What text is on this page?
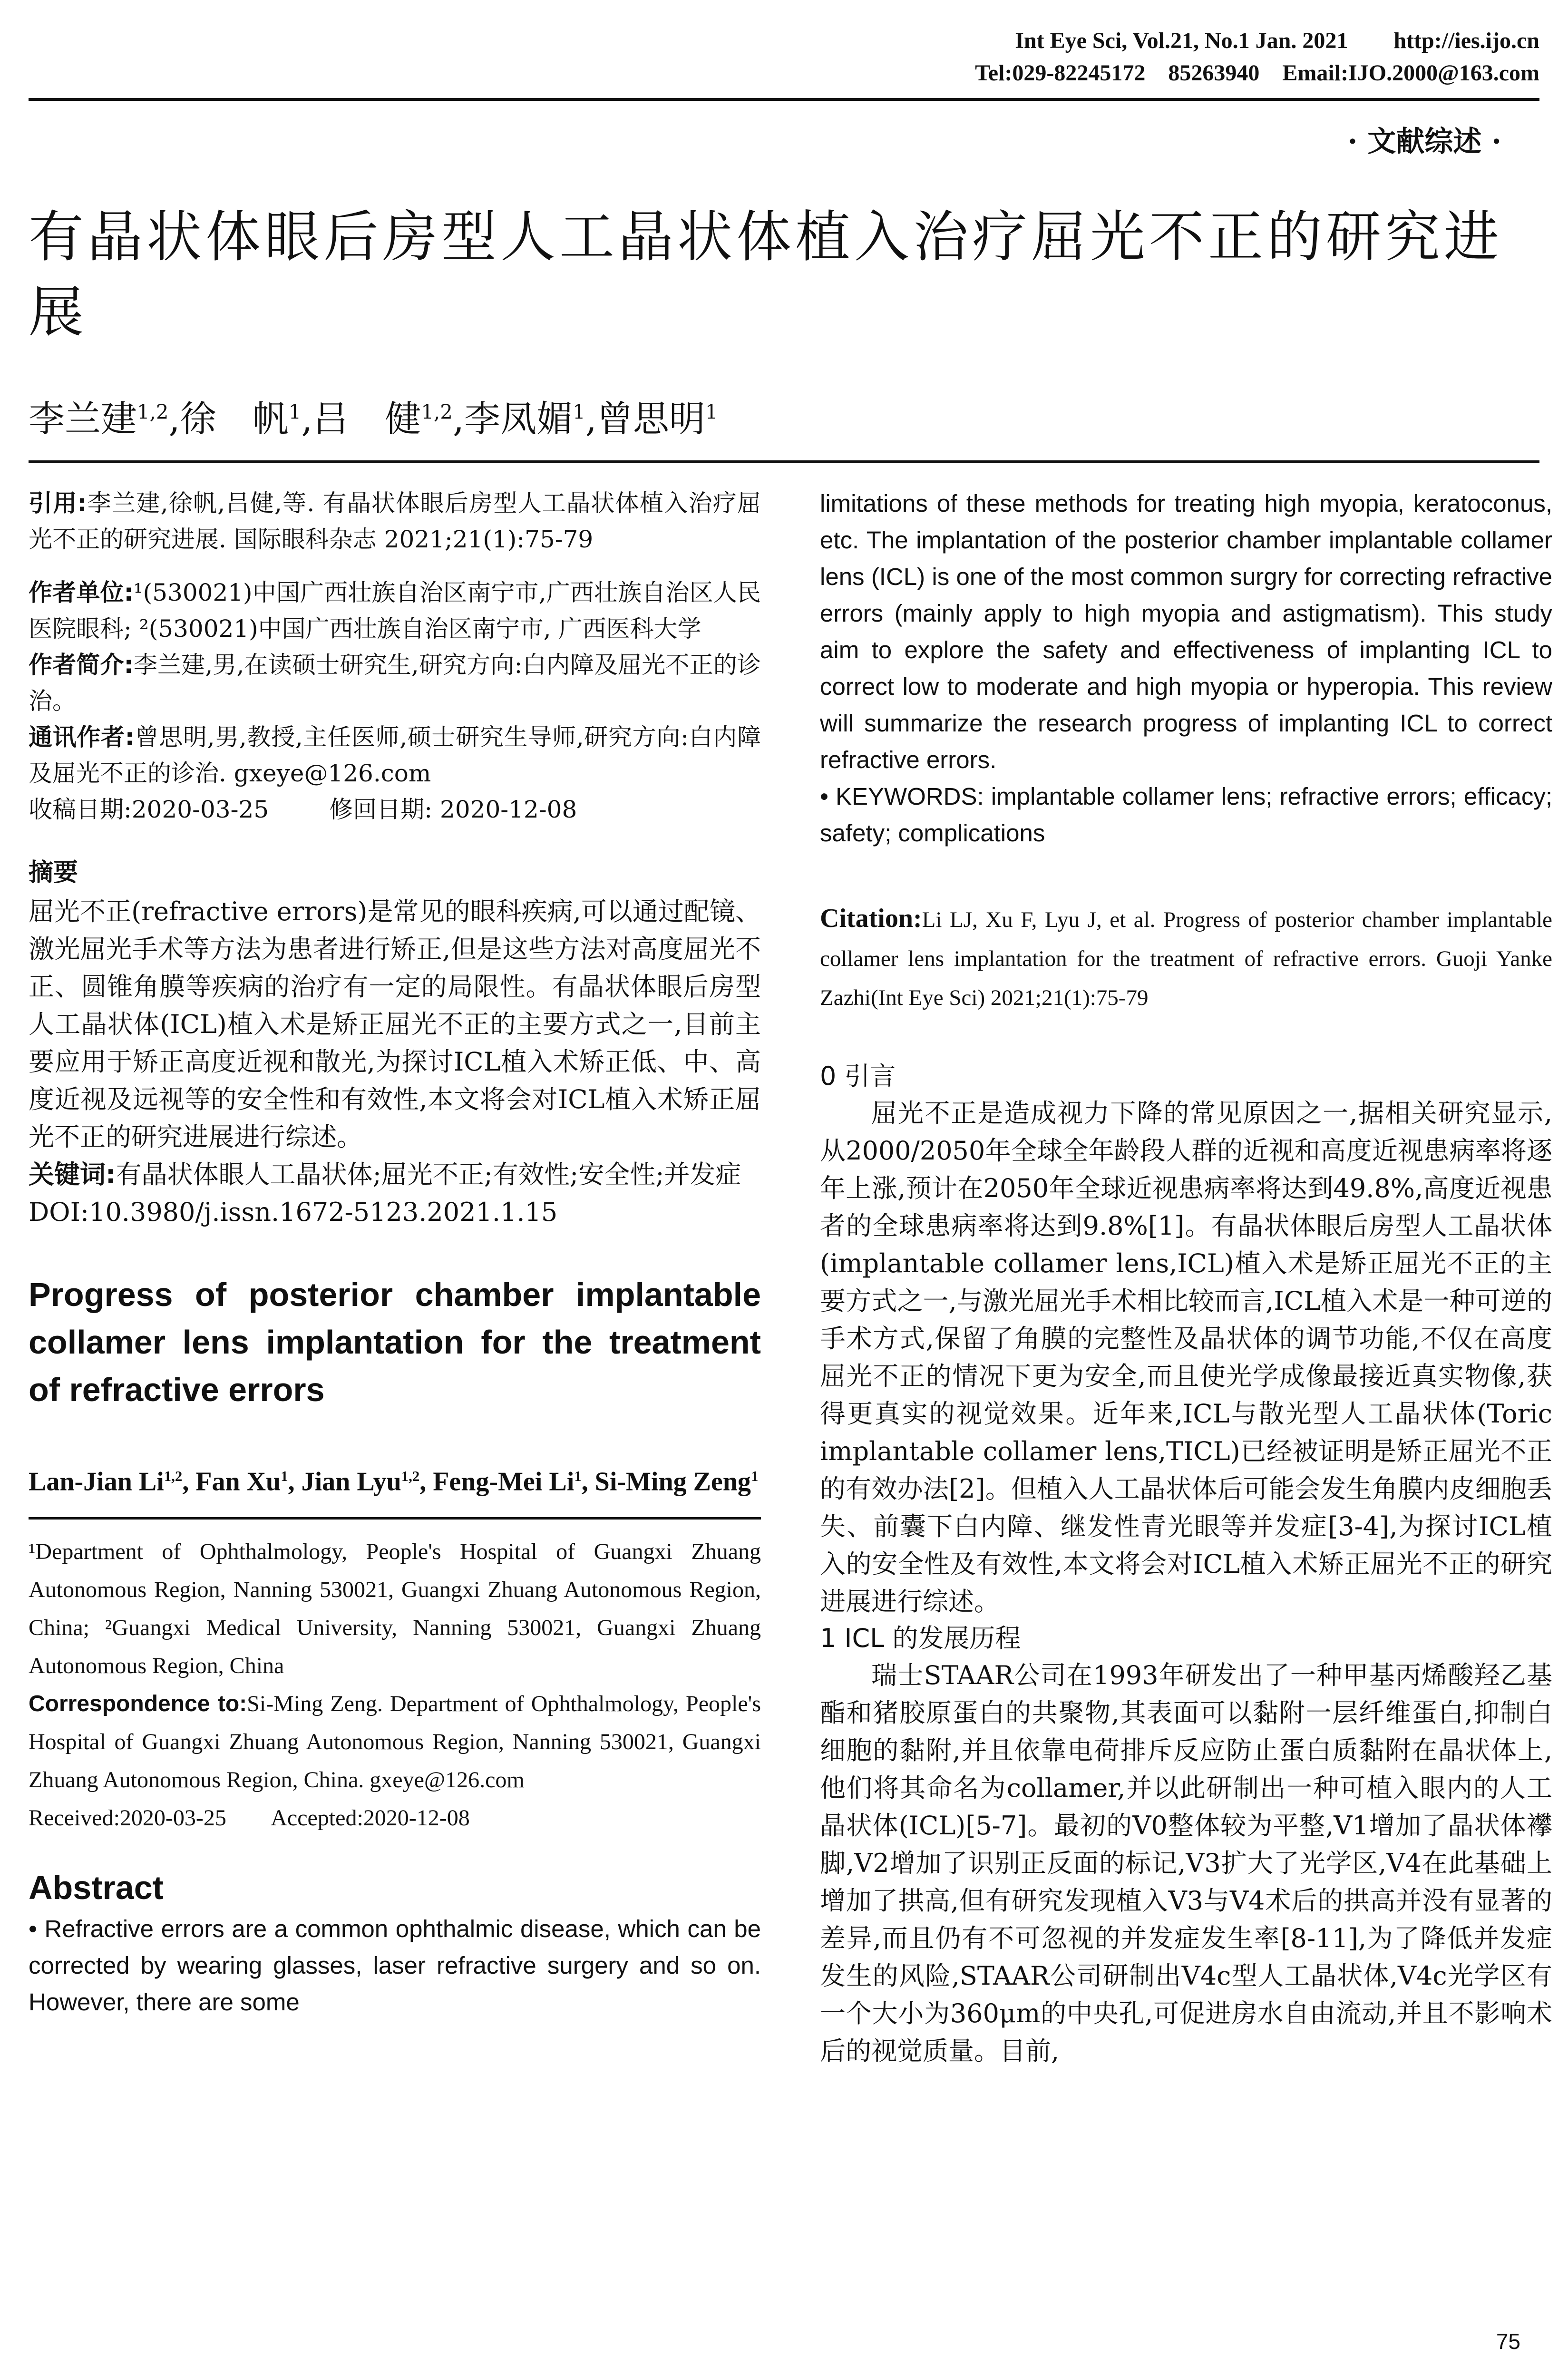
Int Eye Sci, Vol.21, No.1 Jan. 2021        http://ies.ijo.cn
Tel:029-82245172    85263940    Email:IJO.2000@163.com
· 文献综述 ·
有晶状体眼后房型人工晶状体植入治疗屈光不正的研究进展
李兰建$^{1,2}$,徐　帆$^1$,吕　健$^{1,2}$,李凤媚$^1$,曾思明$^1$

引用:李兰建,徐帆,吕健,等. 有晶状体眼后房型人工晶状体植入治疗屈光不正的研究进展. 国际眼科杂志 2021;21(1):75-79

作者单位:¹(530021)中国广西壮族自治区南宁市,广西壮族自治区人民医院眼科; ²(530021)中国广西壮族自治区南宁市, 广西医科大学

作者简介:李兰建,男,在读硕士研究生,研究方向:白内障及屈光不正的诊治。

通讯作者:曾思明,男,教授,主任医师,硕士研究生导师,研究方向:白内障及屈光不正的诊治. gxeye@126.com

收稿日期:2020-03-25        修回日期: 2020-12-08

摘要

屈光不正(refractive errors)是常见的眼科疾病,可以通过配镜、激光屈光手术等方法为患者进行矫正,但是这些方法对高度屈光不正、圆锥角膜等疾病的治疗有一定的局限性。有晶状体眼后房型人工晶状体(ICL)植入术是矫正屈光不正的主要方式之一,目前主要应用于矫正高度近视和散光,为探讨ICL植入术矫正低、中、高度近视及远视等的安全性和有效性,本文将会对ICL植入术矫正屈光不正的研究进展进行综述。

关键词:有晶状体眼人工晶状体;屈光不正;有效性;安全性;并发症

DOI:10.3980/j.issn.1672-5123.2021.1.15

Progress of posterior chamber implantable collamer lens implantation for the treatment of refractive errors

Lan-Jian Li$^{1,2}$, Fan Xu$^1$, Jian Lyu$^{1,2}$, Feng-Mei Li$^1$, Si-Ming Zeng$^1$

¹Department of Ophthalmology, People's Hospital of Guangxi Zhuang Autonomous Region, Nanning 530021, Guangxi Zhuang Autonomous Region, China; ²Guangxi Medical University, Nanning 530021, Guangxi Zhuang Autonomous Region, China

Correspondence to:Si-Ming Zeng. Department of Ophthalmology, People's Hospital of Guangxi Zhuang Autonomous Region, Nanning 530021, Guangxi Zhuang Autonomous Region, China. gxeye@126.com

Received:2020-03-25        Accepted:2020-12-08

Abstract

• Refractive errors are a common ophthalmic disease, which can be corrected by wearing glasses, laser refractive surgery and so on. However, there are some

limitations of these methods for treating high myopia, keratoconus, etc. The implantation of the posterior chamber implantable collamer lens (ICL) is one of the most common surgry for correcting refractive errors (mainly apply to high myopia and astigmatism). This study aim to explore the safety and effectiveness of implanting ICL to correct low to moderate and high myopia or hyperopia. This review will summarize the research progress of implanting ICL to correct refractive errors.

• KEYWORDS: implantable collamer lens; refractive errors; efficacy; safety; complications

Citation:Li LJ, Xu F, Lyu J, et al. Progress of posterior chamber implantable collamer lens implantation for the treatment of refractive errors. Guoji Yanke Zazhi(Int Eye Sci) 2021;21(1):75-79

0 引言

屈光不正是造成视力下降的常见原因之一,据相关研究显示,从2000/2050年全球全年龄段人群的近视和高度近视患病率将逐年上涨,预计在2050年全球近视患病率将达到49.8%,高度近视患者的全球患病率将达到9.8%[1]。有晶状体眼后房型人工晶状体(implantable collamer lens,ICL)植入术是矫正屈光不正的主要方式之一,与激光屈光手术相比较而言,ICL植入术是一种可逆的手术方式,保留了角膜的完整性及晶状体的调节功能,不仅在高度屈光不正的情况下更为安全,而且使光学成像最接近真实物像,获得更真实的视觉效果。近年来,ICL与散光型人工晶状体(Toric implantable collamer lens,TICL)已经被证明是矫正屈光不正的有效办法[2]。但植入人工晶状体后可能会发生角膜内皮细胞丢失、前囊下白内障、继发性青光眼等并发症[3-4],为探讨ICL植入的安全性及有效性,本文将会对ICL植入术矫正屈光不正的研究进展进行综述。

1 ICL 的发展历程

瑞士STAAR公司在1993年研发出了一种甲基丙烯酸羟乙基酯和猪胶原蛋白的共聚物,其表面可以黏附一层纤维蛋白,抑制白细胞的黏附,并且依靠电荷排斥反应防止蛋白质黏附在晶状体上,他们将其命名为collamer,并以此研制出一种可植入眼内的人工晶状体(ICL)[5-7]。最初的V0整体较为平整,V1增加了晶状体襻脚,V2增加了识别正反面的标记,V3扩大了光学区,V4在此基础上增加了拱高,但有研究发现植入V3与V4术后的拱高并没有显著的差异,而且仍有不可忽视的并发症发生率[8-11],为了降低并发症发生的风险,STAAR公司研制出V4c型人工晶状体,V4c光学区有一个大小为360μm的中央孔,可促进房水自由流动,并且不影响术后的视觉质量。目前,

75
